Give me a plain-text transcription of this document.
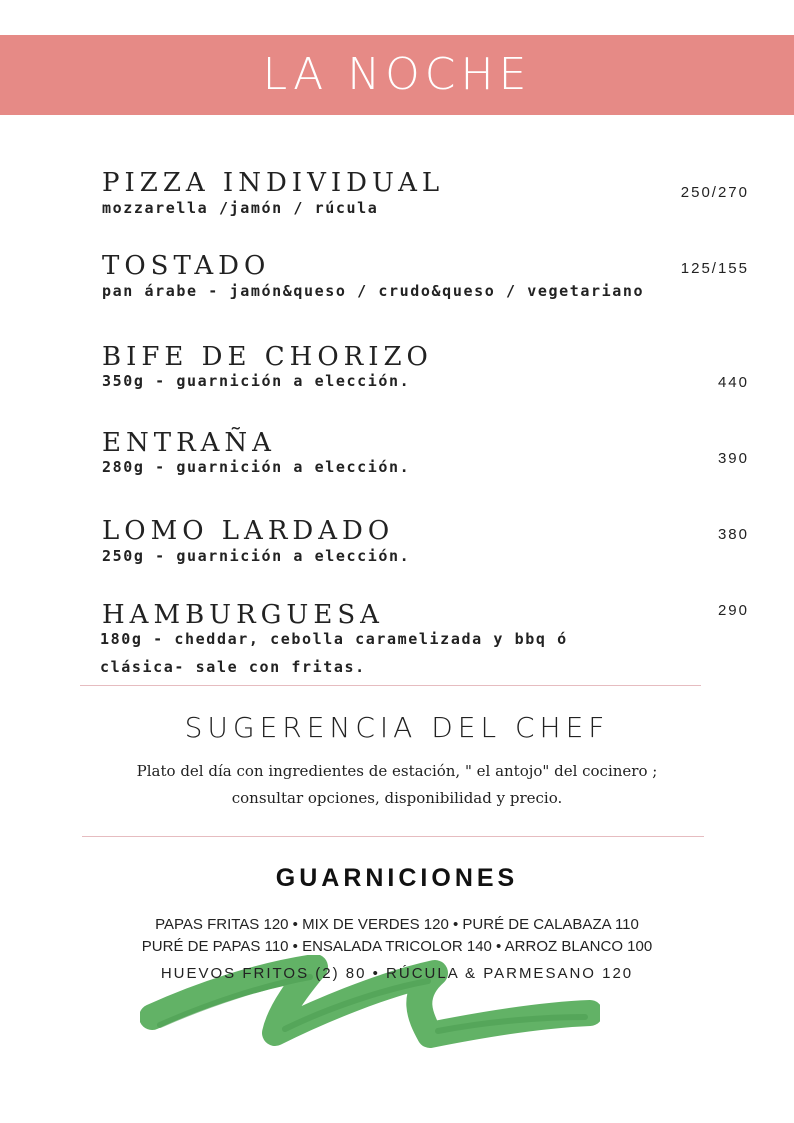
LA NOCHE
PIZZA INDIVIDUAL
mozzarella /jamón / rúcula
250/270
TOSTADO
pan árabe - jamón&queso / crudo&queso / vegetariano
125/155
BIFE DE CHORIZO
350g - guarnición a elección.	440
ENTRAÑA
280g - guarnición a elección.	390
LOMO LARDADO
250g - guarnición a elección.
380
HAMBURGUESA
180g - cheddar, cebolla caramelizada y bbq ó clásica- sale con fritas.
290
SUGERENCIA DEL CHEF
Plato del día con ingredientes de estación, " el antojo" del cocinero ;
consultar opciones, disponibilidad y precio.
GUARNICIONES
PAPAS FRITAS 120 • MIX DE VERDES 120 • PURÉ DE CALABAZA 110
PURÉ DE PAPAS 110 • ENSALADA TRICOLOR 140 • ARROZ BLANCO 100
HUEVOS FRITOS (2) 80 • RÚCULA & PARMESANO 120
